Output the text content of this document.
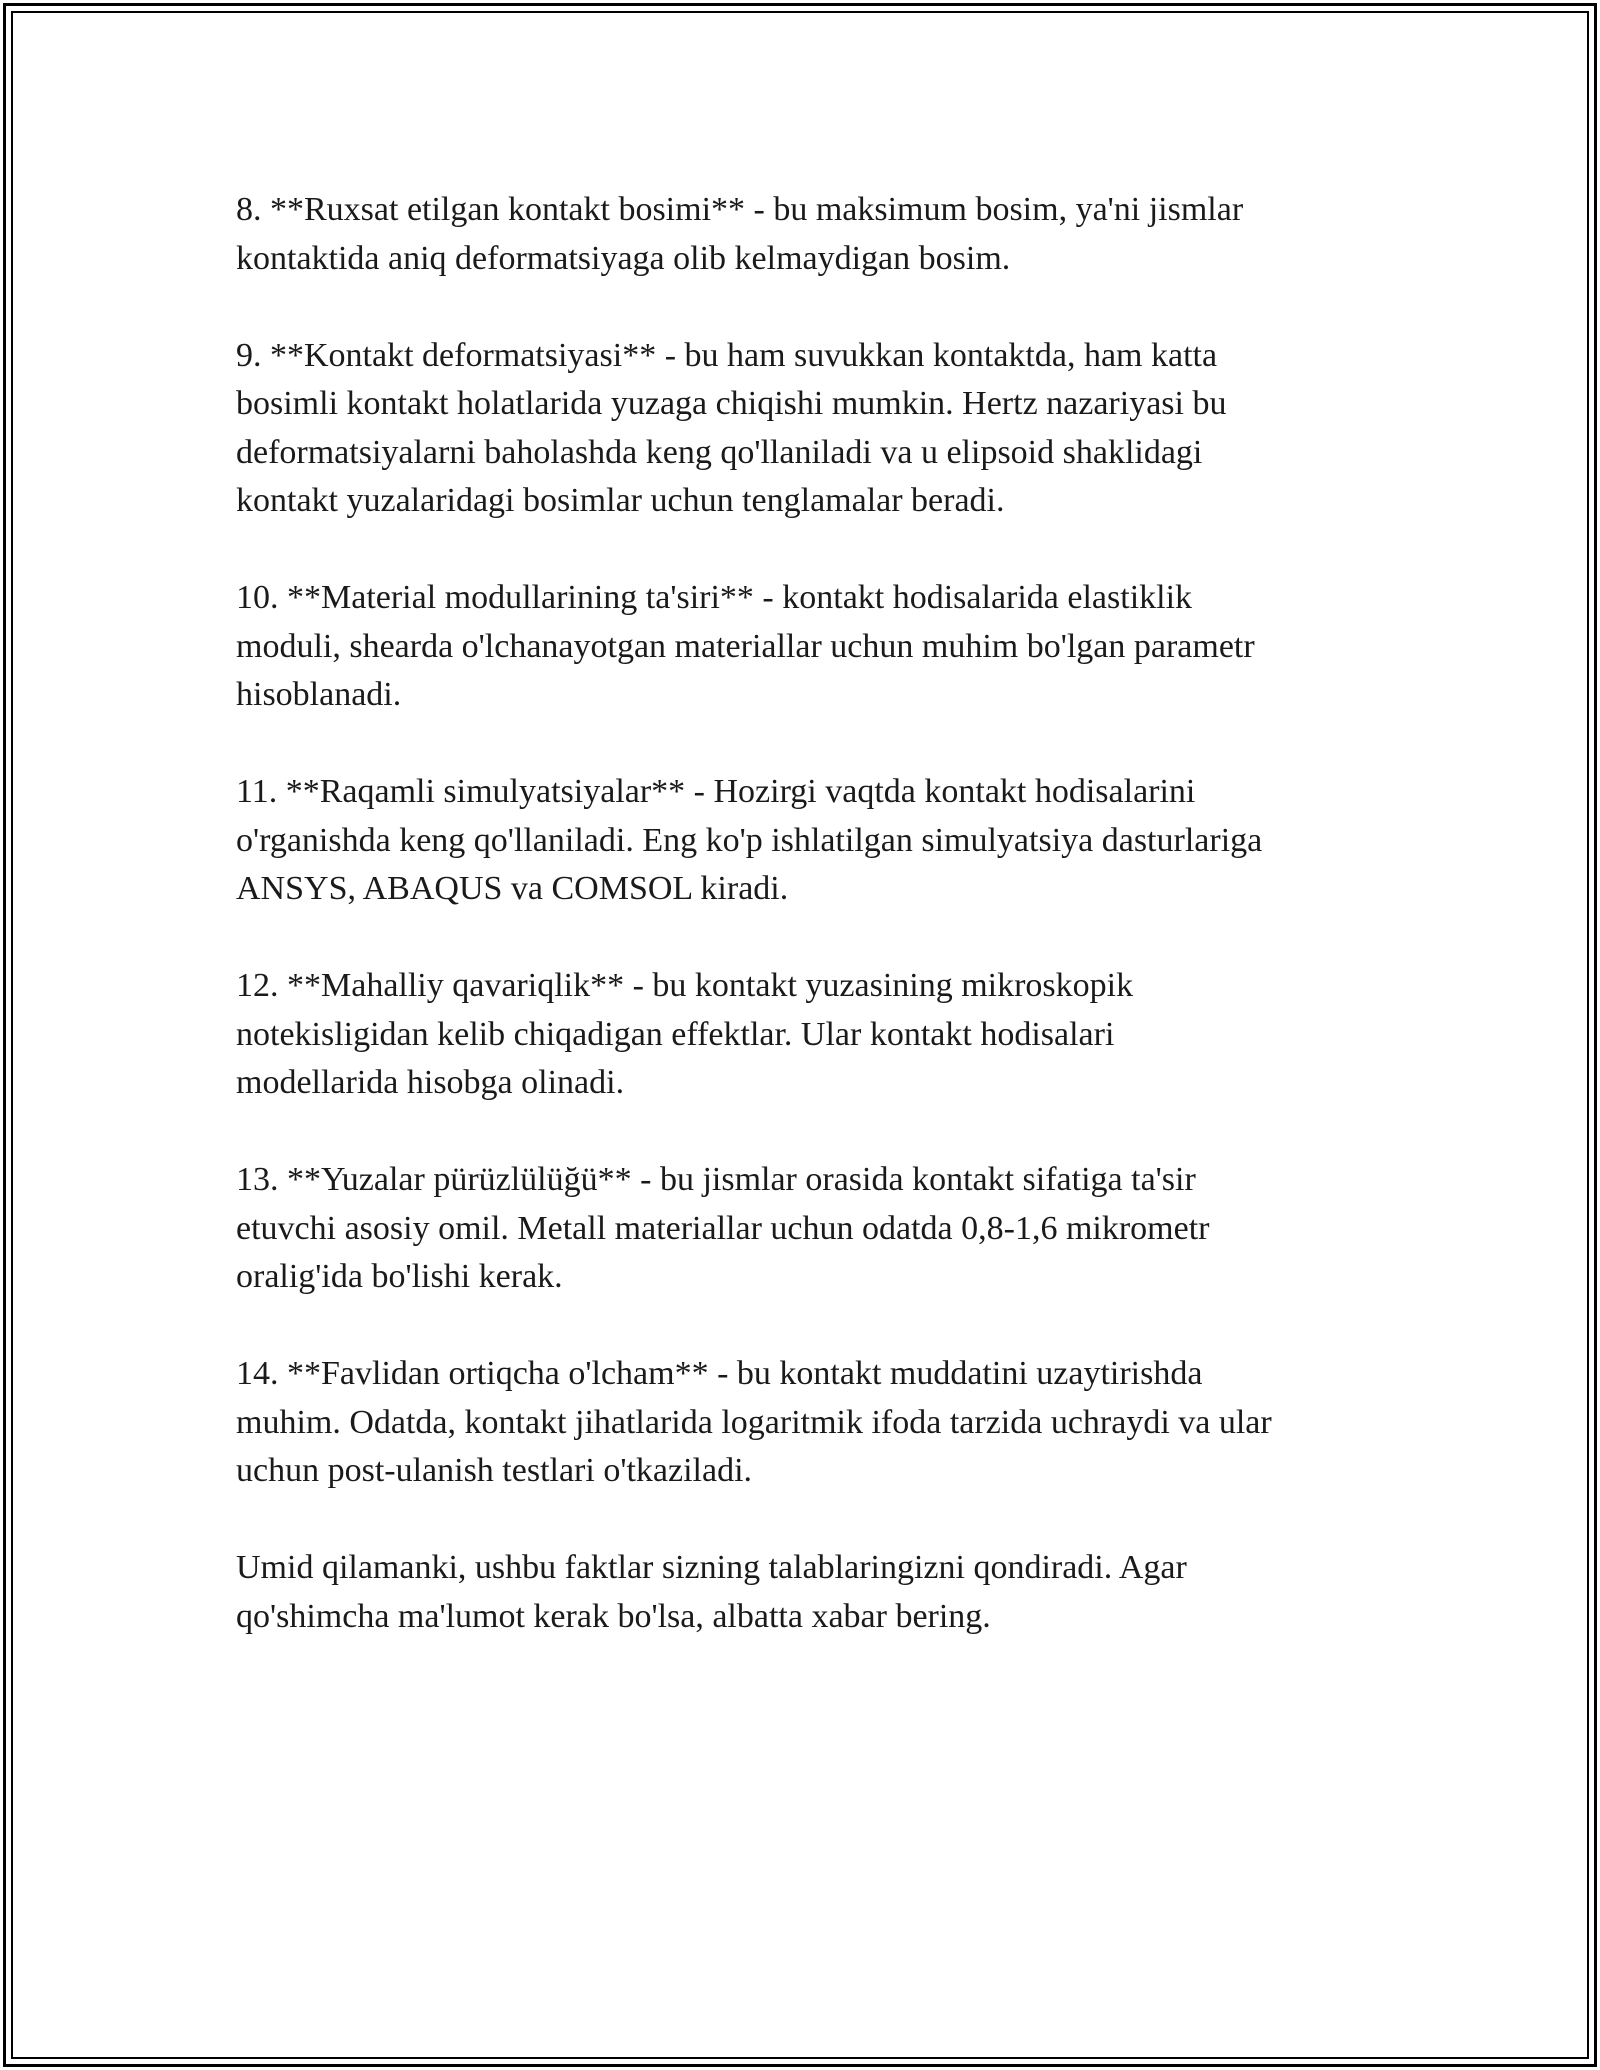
8. **Ruxsat etilgan kontakt bosimi** - bu maksimum bosim, ya'ni jismlar
kontaktida aniq deformatsiyaga olib kelmaydigan bosim.
9. **Kontakt deformatsiyasi** - bu ham suvukkan kontaktda, ham katta
bosimli kontakt holatlarida yuzaga chiqishi mumkin. Hertz nazariyasi bu
deformatsiyalarni baholashda keng qo'llaniladi va u elipsoid shaklidagi
kontakt yuzalaridagi bosimlar uchun tenglamalar beradi.
10. **Material modullarining ta'siri** - kontakt hodisalarida elastiklik
moduli, shearda o'lchanayotgan materiallar uchun muhim bo'lgan parametr
hisoblanadi.
11. **Raqamli simulyatsiyalar** - Hozirgi vaqtda kontakt hodisalarini
o'rganishda keng qo'llaniladi. Eng ko'p ishlatilgan simulyatsiya dasturlariga
ANSYS, ABAQUS va COMSOL kiradi.
12. **Mahalliy qavariqlik** - bu kontakt yuzasining mikroskopik
notekisligidan kelib chiqadigan effektlar. Ular kontakt hodisalari
modellarida hisobga olinadi.
13. **Yuzalar pürüzlülüğü** - bu jismlar orasida kontakt sifatiga ta'sir
etuvchi asosiy omil. Metall materiallar uchun odatda 0,8-1,6 mikrometr
oralig'ida bo'lishi kerak.
14. **Favlidan ortiqcha o'lcham** - bu kontakt muddatini uzaytirishda
muhim. Odatda, kontakt jihatlarida logaritmik ifoda tarzida uchraydi va ular
uchun post-ulanish testlari o'tkaziladi.
Umid qilamanki, ushbu faktlar sizning talablaringizni qondiradi. Agar
qo'shimcha ma'lumot kerak bo'lsa, albatta xabar bering.
